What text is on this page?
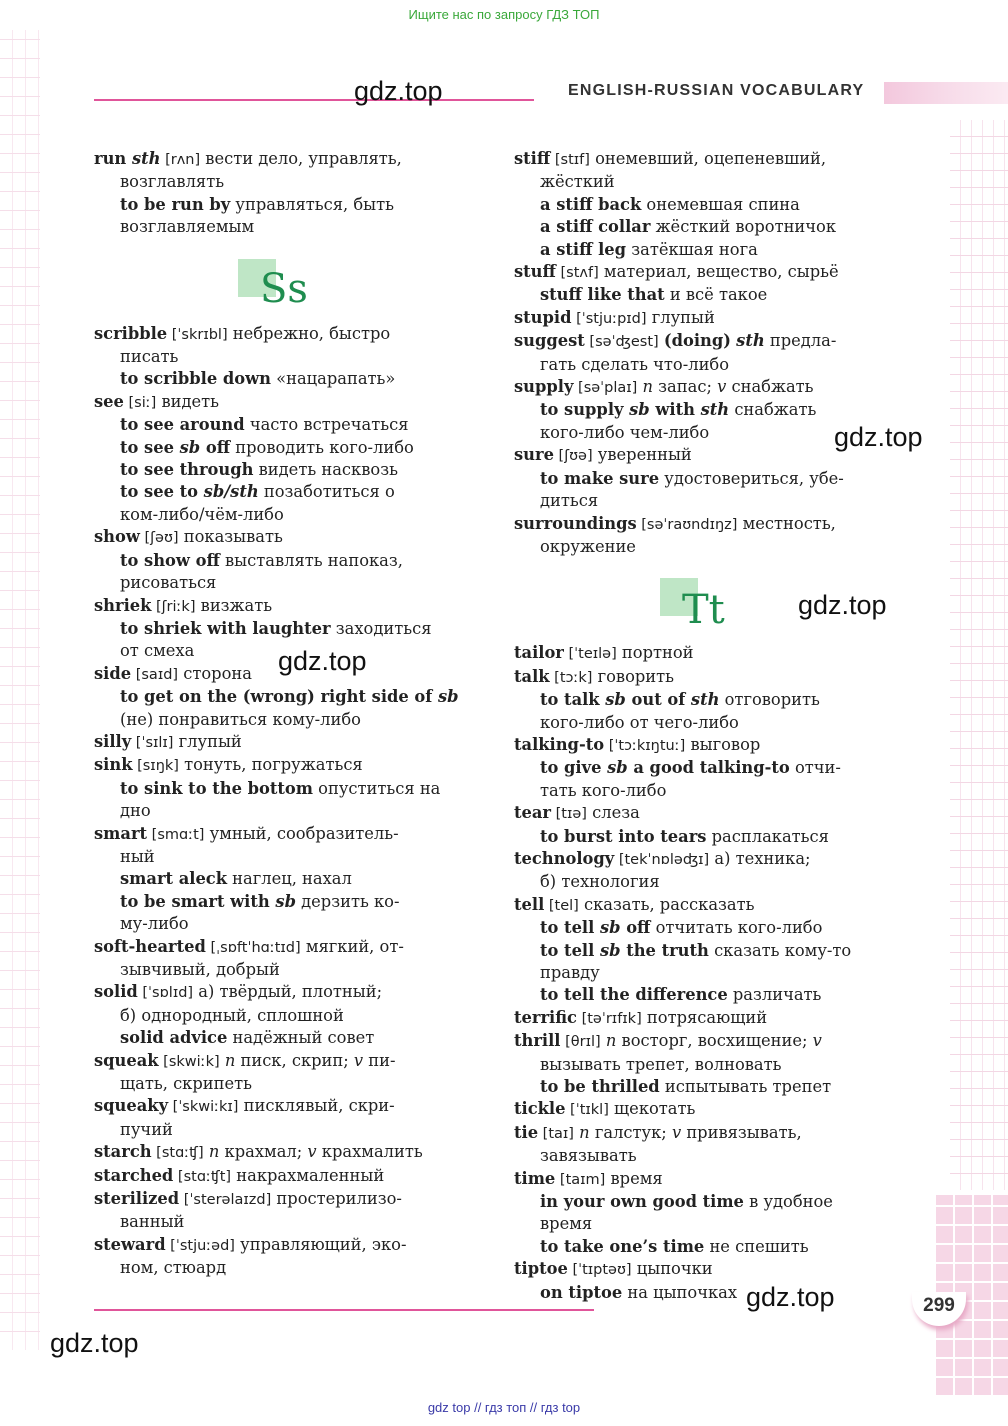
Ищите нас по запросу ГДЗ ТОП
ENGLISH-RUSSIAN VOCABULARY
run sth [rʌn] вести дело, управлять,
возглавлять
to be run by управляться, быть
возглавляемым
Ss
scribble [ˈskrɪbl] небрежно, быстро
писать
to scribble down «нацарапать»
see [siː] видеть
to see around часто встречаться
to see sb off проводить кого-либо
to see through видеть насквозь
to see to sb/sth позаботиться о
ком-либо/чём-либо
show [ʃəʊ] показывать
to show off выставлять напоказ,
рисоваться
shriek [ʃriːk] визжать
to shriek with laughter заходиться
от смеха
side [saɪd] сторона
to get on the (wrong) right side of sb
(не) понравиться кому-либо
silly [ˈsɪlɪ] глупый
sink [sɪŋk] тонуть, погружаться
to sink to the bottom опуститься на
дно
smart [smɑːt] умный, сообразитель-
ный
smart aleck наглец, нахал
to be smart with sb дерзить ко-
му-либо
soft-hearted [ˌsɒftˈhɑːtɪd] мягкий, от-
зывчивый, добрый
solid [ˈsɒlɪd] а) твёрдый, плотный;
б) однородный, сплошной
solid advice надёжный совет
squeak [skwiːk] n писк, скрип; v пи-
щать, скрипеть
squeaky [ˈskwiːkɪ] писклявый, скри-
пучий
starch [stɑːʧ] n крахмал; v крахмалить
starched [stɑːʧt] накрахмаленный
sterilized [ˈsterəlaɪzd] простерилизо-
ванный
steward [ˈstjuːəd] управляющий, эко-
ном, стюард
stiff [stɪf] онемевший, оцепеневший,
жёсткий
a stiff back онемевшая спина
a stiff collar жёсткий воротничок
a stiff leg затёкшая нога
stuff [stʌf] материал, вещество, сырьё
stuff like that и всё такое
stupid [ˈstjuːpɪd] глупый
suggest [səˈʤest] (doing) sth предла-
гать сделать что-либо
supply [səˈplaɪ] n запас; v снабжать
to supply sb with sth снабжать
кого-либо чем-либо
sure [ʃʊə] уверенный
to make sure удостовериться, убе-
диться
surroundings [səˈraʊndɪŋz] местность,
окружение
Tt
tailor [ˈteɪlə] портной
talk [tɔːk] говорить
to talk sb out of sth отговорить
кого-либо от чего-либо
talking-to [ˈtɔːkɪŋtuː] выговор
to give sb a good talking-to отчи-
тать кого-либо
tear [tɪə] слеза
to burst into tears расплакаться
technology [tekˈnɒləʤɪ] а) техника;
б) технология
tell [tel] сказать, рассказать
to tell sb off отчитать кого-либо
to tell sb the truth сказать кому-то
правду
to tell the difference различать
terrific [təˈrɪfɪk] потрясающий
thrill [θrɪl] n восторг, восхищение; v
вызывать трепет, волновать
to be thrilled испытывать трепет
tickle [ˈtɪkl] щекотать
tie [taɪ] n галстук; v привязывать,
завязывать
time [taɪm] время
in your own good time в удобное
время
to take one’s time не спешить
tiptoe [ˈtɪptəʊ] цыпочки
on tiptoe на цыпочках
299
gdz.top
gdz.top
gdz.top
gdz.top
gdz.top
gdz.top
gdz top // гдз топ // гдз top
